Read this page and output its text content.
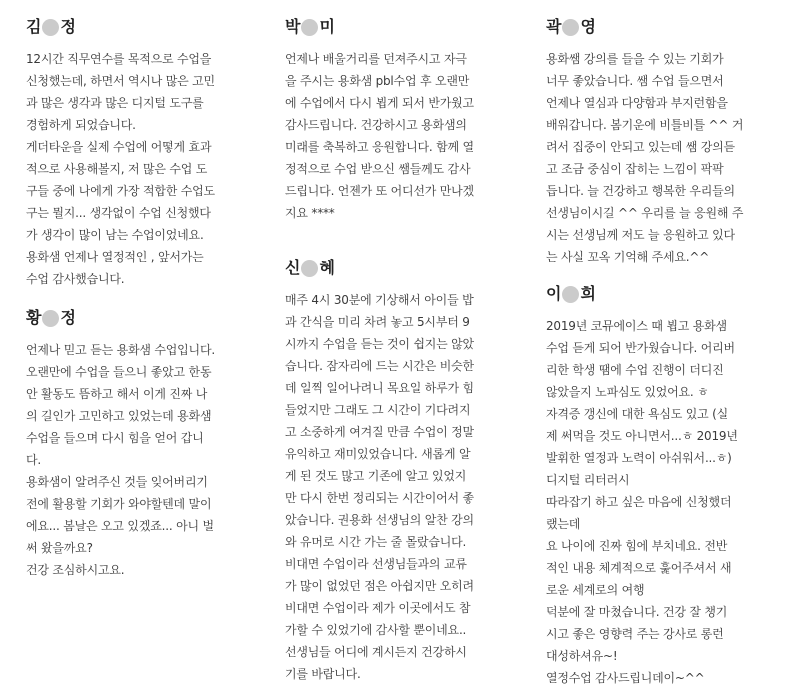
김 정
12시간 직무연수를 목적으로 수업을
신청했는데, 하면서 역시나 많은 고민
과 많은 생각과 많은 디지털 도구를
경험하게 되었습니다.
게더타운을 실제 수업에 어떻게 효과
적으로 사용해볼지, 저 많은 수업 도
구들 중에 나에게 가장 적합한 수업도
구는 뭘지... 생각없이 수업 신청했다
가 생각이 많이 남는 수업이었네요.
용화샘 언제나 열정적인 , 앞서가는
수업 감사했습니다.
황 정
언제나 믿고 듣는 용화샘 수업입니다.
오랜만에 수업을 들으니 좋았고 한동
안 활동도 뜸하고 해서 이게 진짜 나
의 길인가 고민하고 있었는데 용화샘
수업을 들으며 다시 힘을 얻어 갑니
다.
용화샘이 알려주신 것들 잊어버리기
전에 활용할 기회가 와야할텐데 말이
에요... 봄날은 오고 있겠죠... 아니 벌
써 왔을까요?
건강 조심하시고요.
박 미
언제나 배울거리를 던져주시고 자극
을 주시는 용화샘 pbl수업 후 오랜만
에 수업에서 다시 뵙게 되서 반가웠고
감사드립니다. 건강하시고 용화샘의
미래를 축복하고 응원합니다. 함께 열
정적으로 수업 받으신 쌤들께도 감사
드립니다. 언젠가 또 어디선가 만나겠
지요 ****
신 혜
매주 4시 30분에 기상해서 아이들 밥
과 간식을 미리 차려 놓고 5시부터 9
시까지 수업을 듣는 것이 쉽지는 않았
습니다. 잠자리에 드는 시간은 비슷한
데 일찍 일어나려니 목요일 하루가 힘
들었지만 그래도 그 시간이 기다려지
고 소중하게 여겨질 만큼 수업이 정말
유익하고 재미있었습니다. 새롭게 알
게 된 것도 많고 기존에 알고 있었지
만 다시 한번 정리되는 시간이어서 좋
았습니다. 권용화 선생님의 알찬 강의
와 유머로 시간 가는 줄 몰랐습니다.
비대면 수업이라 선생님들과의 교류
가 많이 없었던 점은 아쉽지만 오히려
비대면 수업이라 제가 이곳에서도 참
가할 수 있었기에 감사할 뿐이네요..
선생님들 어디에 계시든지 건강하시
기를 바랍니다.
곽 영
용화쌤 강의를 들을 수 있는 기회가
너무 좋았습니다. 쌤 수업 들으면서
언제나 열심과 다양함과 부지런함을
배워갑니다. 봄기운에 비틀비틀 ^^ 거
려서 집중이 안되고 있는데 쌤 강의듣
고 조금 중심이 잡히는 느낌이 팍팍
듭니다. 늘 건강하고 행복한 우리들의
선생님이시길 ^^ 우리를 늘 응원해 주
시는 선생님께 저도 늘 응원하고 있다
는 사실 꼬옥 기억해 주세요.^^
이 희
2019년 코뮤에이스 때 뵙고 용화샘
수업 듣게 되어 반가웠습니다. 어리버
리한 학생 땜에 수업 진행이 더디진
않았을지 노파심도 있었어요. ㅎ
자격증 갱신에 대한 욕심도 있고 (실
제 써먹을 것도 아니면서...ㅎ 2019년
발휘한 열정과 노력이 아쉬워서...ㅎ)
디지털 리터러시
따라잡기 하고 싶은 마음에 신청했더
랬는데
요 나이에 진짜 힘에 부치네요. 전반
적인 내용 체계적으로 훑어주셔서 새
로운 세계로의 여행
덕분에 잘 마쳤습니다. 건강 잘 챙기
시고 좋은 영향력 주는 강사로 롱런
대성하셔유~!
열정수업 감사드립니데이~^^
